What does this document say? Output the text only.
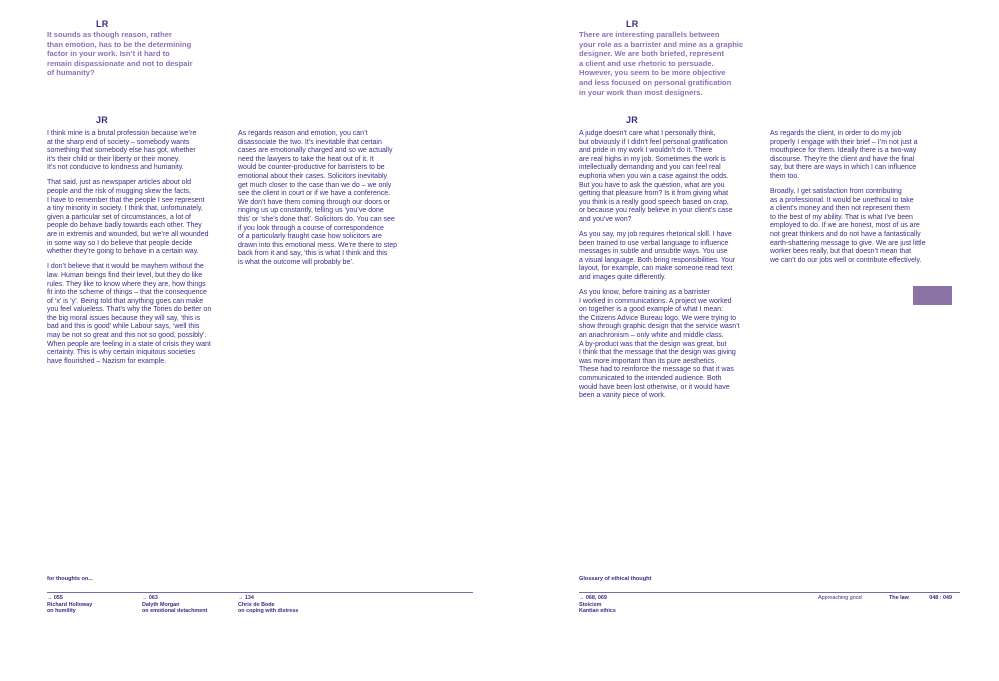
LR
It sounds as though reason, rather
than emotion, has to be the determining
factor in your work. Isn’t it hard to
remain dispassionate and not to despair
of humanity?
JR

I think mine is a brutal profession because we’re
at the sharp end of society – somebody wants
something that somebody else has got, whether
it’s their child or their liberty or their money.
It’s not conducive to kindness and humanity.

That said, just as newspaper articles about old
people and the risk of mugging skew the facts,
I have to remember that the people I see represent
a tiny minority in society. I think that, unfortunately,
given a particular set of circumstances, a lot of
people do behave badly towards each other. They
are in extremis and wounded, but we’re all wounded
in some way so I do believe that people decide
whether they’re going to behave in a certain way.

I don’t believe that it would be mayhem without the
law. Human beings find their level, but they do like
rules. They like to know where they are, how things
fit into the scheme of things – that the consequence
of ‘x’ is ‘y’. Being told that anything goes can make
you feel valueless. That’s why the Tories do better on
the big moral issues because they will say, ‘this is
bad and this is good’ while Labour says, ‘well this
may be not so great and this not so good, possibly’.
When people are feeling in a state of crisis they want
certainty. This is why certain iniquitous societies
have flourished – Nazism for example.

As regards reason and emotion, you can’t
disassociate the two. It’s inevitable that certain
cases are emotionally charged and so we actually
need the lawyers to take the heat out of it. It
would be counter-productive for barristers to be
emotional about their cases. Solicitors inevitably
get much closer to the case than we do – we only
see the client in court or if we have a conference.
We don’t have them coming through our doors or
ringing us up constantly, telling us ‘you’ve done
this’ or ‘she’s done that’. Solicitors do. You can see
if you look through a course of correspondence
of a particularly fraught case how solicitors are
drawn into this emotional mess. We’re there to step
back from it and say, ‘this is what I think and this
is what the outcome will probably be’.

for thoughts on...
→ 055
Richard Holloway
on humility
→ 063
Dalyth Morgan
on emotional detachment
→ 134
Chris de Bode
on coping with distress
LR
There are interesting parallels between
your role as a barrister and mine as a graphic
designer. We are both briefed, represent
a client and use rhetoric to persuade.
However, you seem to be more objective
and less focused on personal gratification
in your work than most designers.
JR

A judge doesn’t care what I personally think,
but obviously if I didn’t feel personal gratification
and pride in my work I wouldn’t do it. There
are real highs in my job. Sometimes the work is
intellectually demanding and you can feel real
euphoria when you win a case against the odds.
But you have to ask the question, what are you
getting that pleasure from? Is it from giving what
you think is a really good speech based on crap,
or because you really believe in your client’s case
and you’ve won?

As you say, my job requires rhetorical skill. I have
been trained to use verbal language to influence
messages in subtle and unsubtle ways. You use
a visual language. Both bring responsibilities. Your
layout, for example, can make someone read text
and images quite differently.

As you know, before training as a barrister
I worked in communications. A project we worked
on together is a good example of what I mean:
the Citizens Advice Bureau logo. We were trying to
show through graphic design that the service wasn’t
an anachronism – only white and middle class.
A by-product was that the design was great, but
I think that the message that the design was giving
was more important than its pure aesthetics.
These had to reinforce the message so that it was
communicated to the intended audience. Both
would have been lost otherwise, or it would have
been a vanity piece of work.

As regards the client, in order to do my job
properly I engage with their brief – I’m not just a
mouthpiece for them. Ideally there is a two-way
discourse. They’re the client and have the final
say, but there are ways in which I can influence
them too.

Broadly, I get satisfaction from contributing
as a professional. It would be unethical to take
a client’s money and then not represent them
to the best of my ability. That is what I’ve been
employed to do. If we are honest, most of us are
not great thinkers and do not have a fantastically
earth-shattering message to give. We are just little
worker bees really, but that doesn’t mean that
we can’t do our jobs well or contribute effectively.

Glossary of ethical thought
→ 068, 069
Stoicism
Kantian ethics
Approaching good	The law	048 : 049
